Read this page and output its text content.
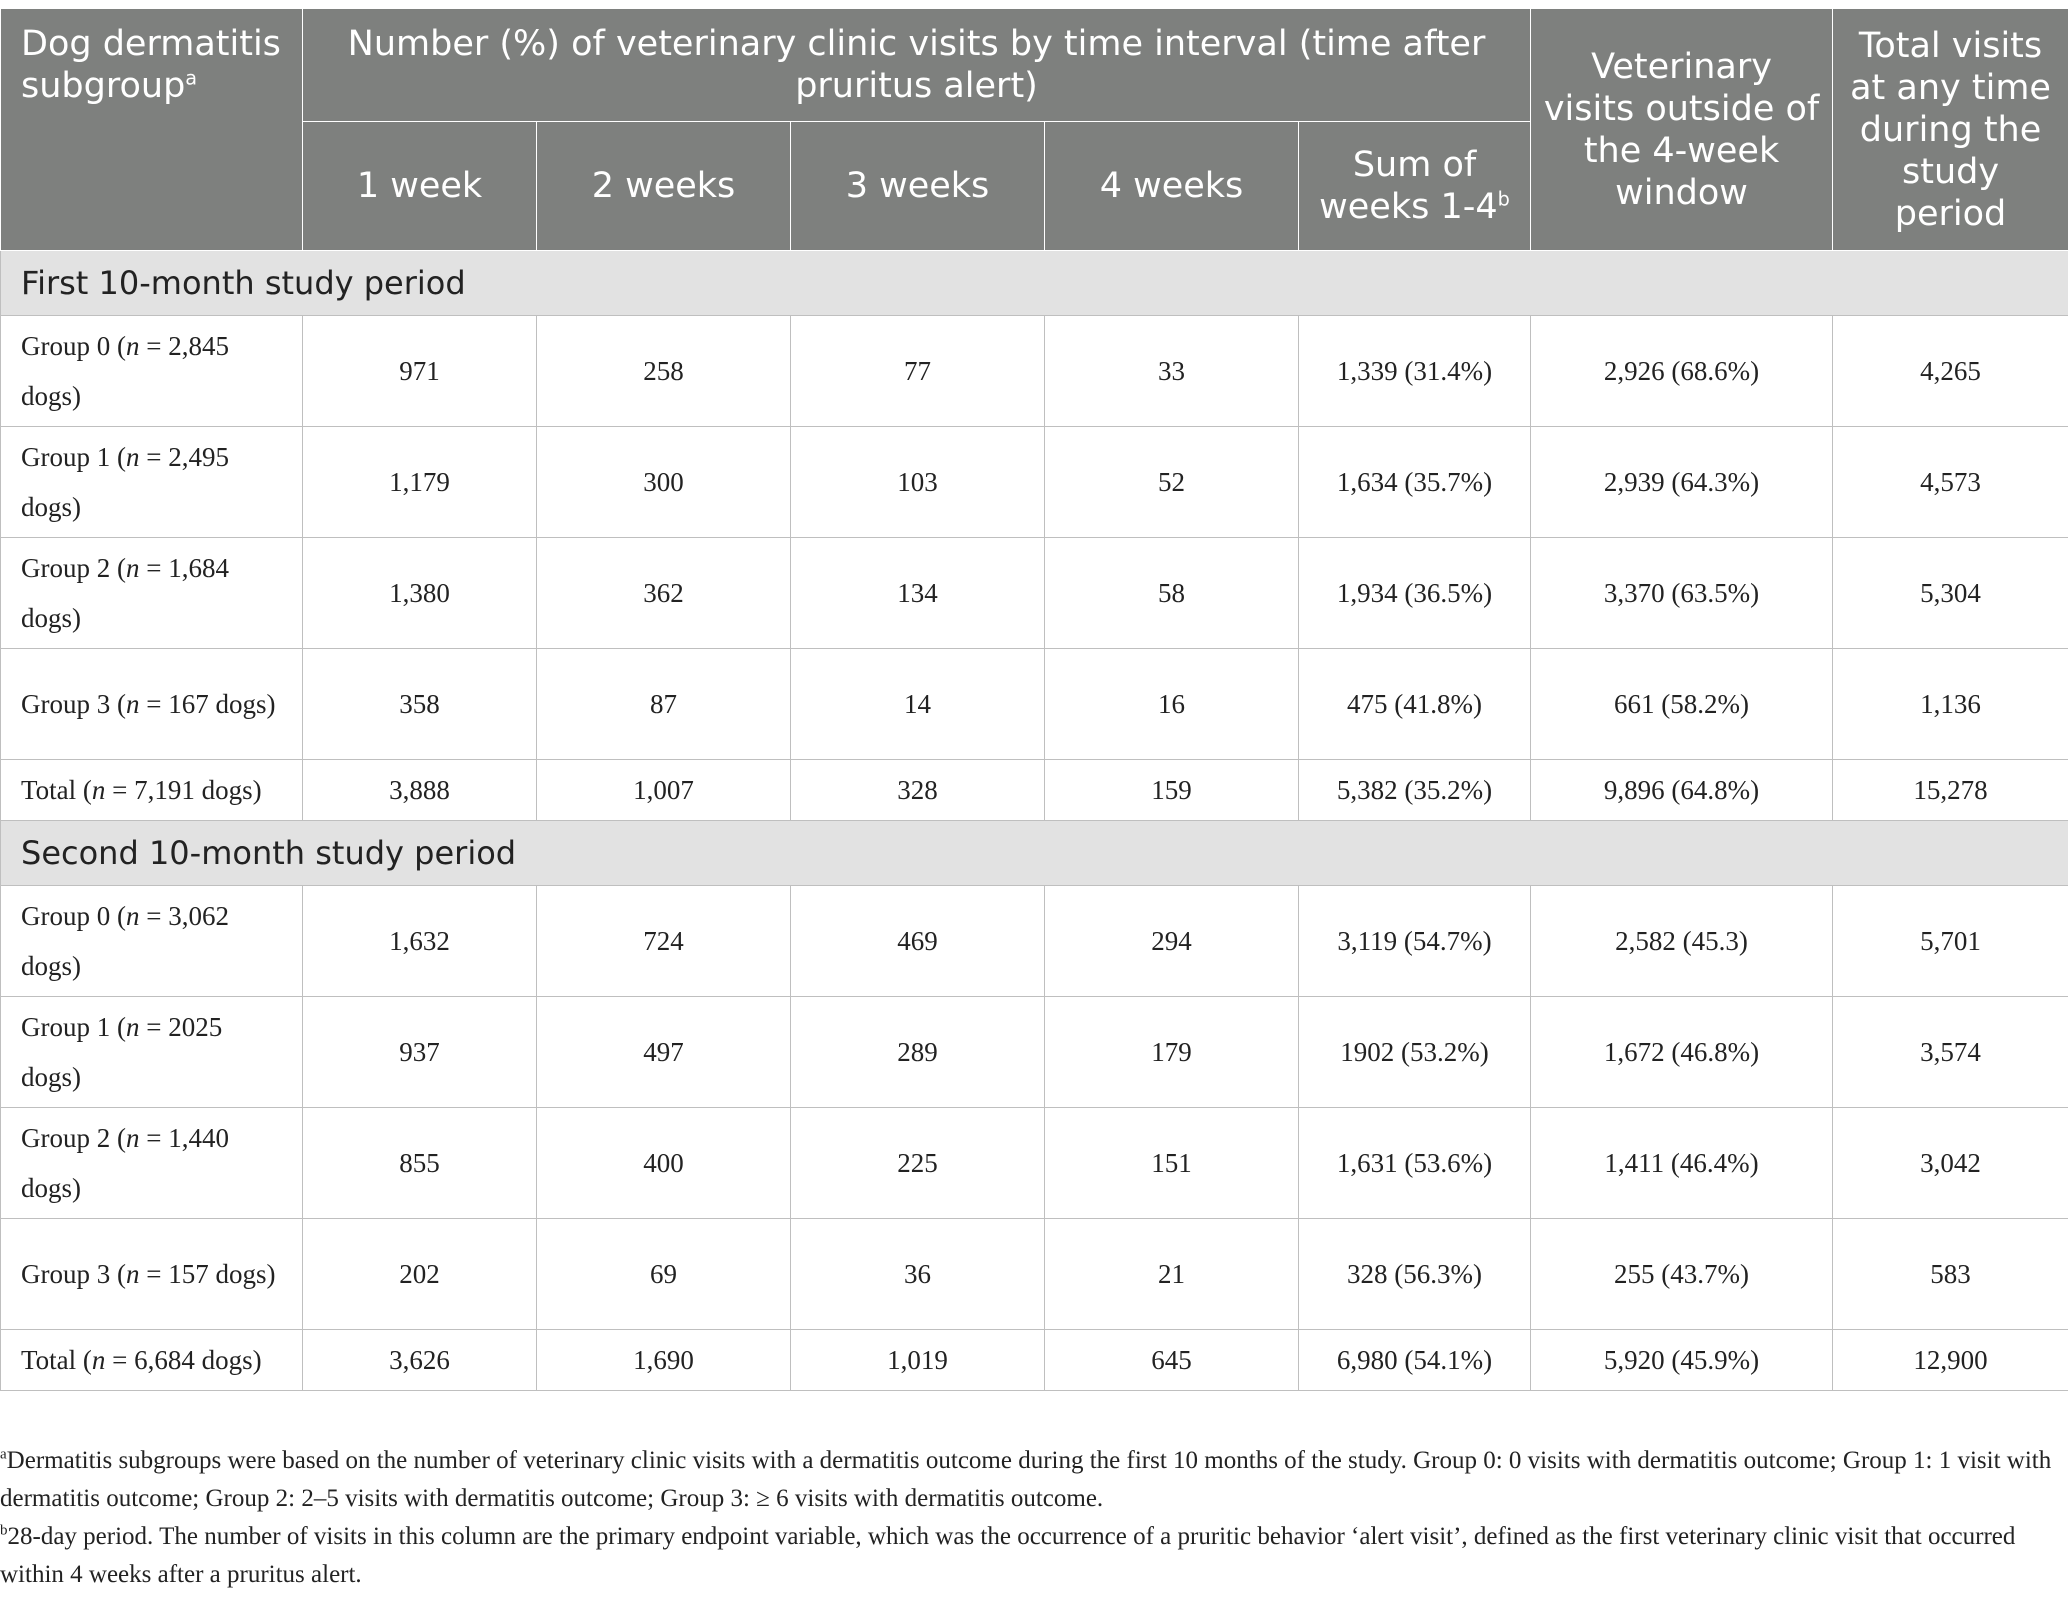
Dog dermatitis subgroup$^a$	Number (%) of veterinary clinic visits by time interval (time after pruritus alert)					Veterinary visits outside of the 4-week window	Total visits at any time during the study period
	1 week	2 weeks	3 weeks	4 weeks	Sum of weeks 1-4$^b$
First 10-month study period							
Group 0 (n = 2,845 dogs)	971	258	77	33	1,339 (31.4%)	2,926 (68.6%)	4,265
Group 1 (n = 2,495 dogs)	1,179	300	103	52	1,634 (35.7%)	2,939 (64.3%)	4,573
Group 2 (n = 1,684 dogs)	1,380	362	134	58	1,934 (36.5%)	3,370 (63.5%)	5,304
Group 3 (n = 167 dogs)	358	87	14	16	475 (41.8%)	661 (58.2%)	1,136
Total (n = 7,191 dogs)	3,888	1,007	328	159	5,382 (35.2%)	9,896 (64.8%)	15,278
Second 10-month study period							
Group 0 (n = 3,062 dogs)	1,632	724	469	294	3,119 (54.7%)	2,582 (45.3)	5,701
Group 1 (n = 2025 dogs)	937	497	289	179	1902 (53.2%)	1,672 (46.8%)	3,574
Group 2 (n = 1,440 dogs)	855	400	225	151	1,631 (53.6%)	1,411 (46.4%)	3,042
Group 3 (n = 157 dogs)	202	69	36	21	328 (56.3%)	255 (43.7%)	583
Total (n = 6,684 dogs)	3,626	1,690	1,019	645	6,980 (54.1%)	5,920 (45.9%)	12,900

$^a$Dermatitis subgroups were based on the number of veterinary clinic visits with a dermatitis outcome during the first 10 months of the study. Group 0: 0 visits with dermatitis outcome; Group 1: 1 visit with dermatitis outcome; Group 2: 2–5 visits with dermatitis outcome; Group 3: ≥ 6 visits with dermatitis outcome.

$^b$28-day period. The number of visits in this column are the primary endpoint variable, which was the occurrence of a pruritic behavior ‘alert visit’, defined as the first veterinary clinic visit that occurred within 4 weeks after a pruritus alert.
